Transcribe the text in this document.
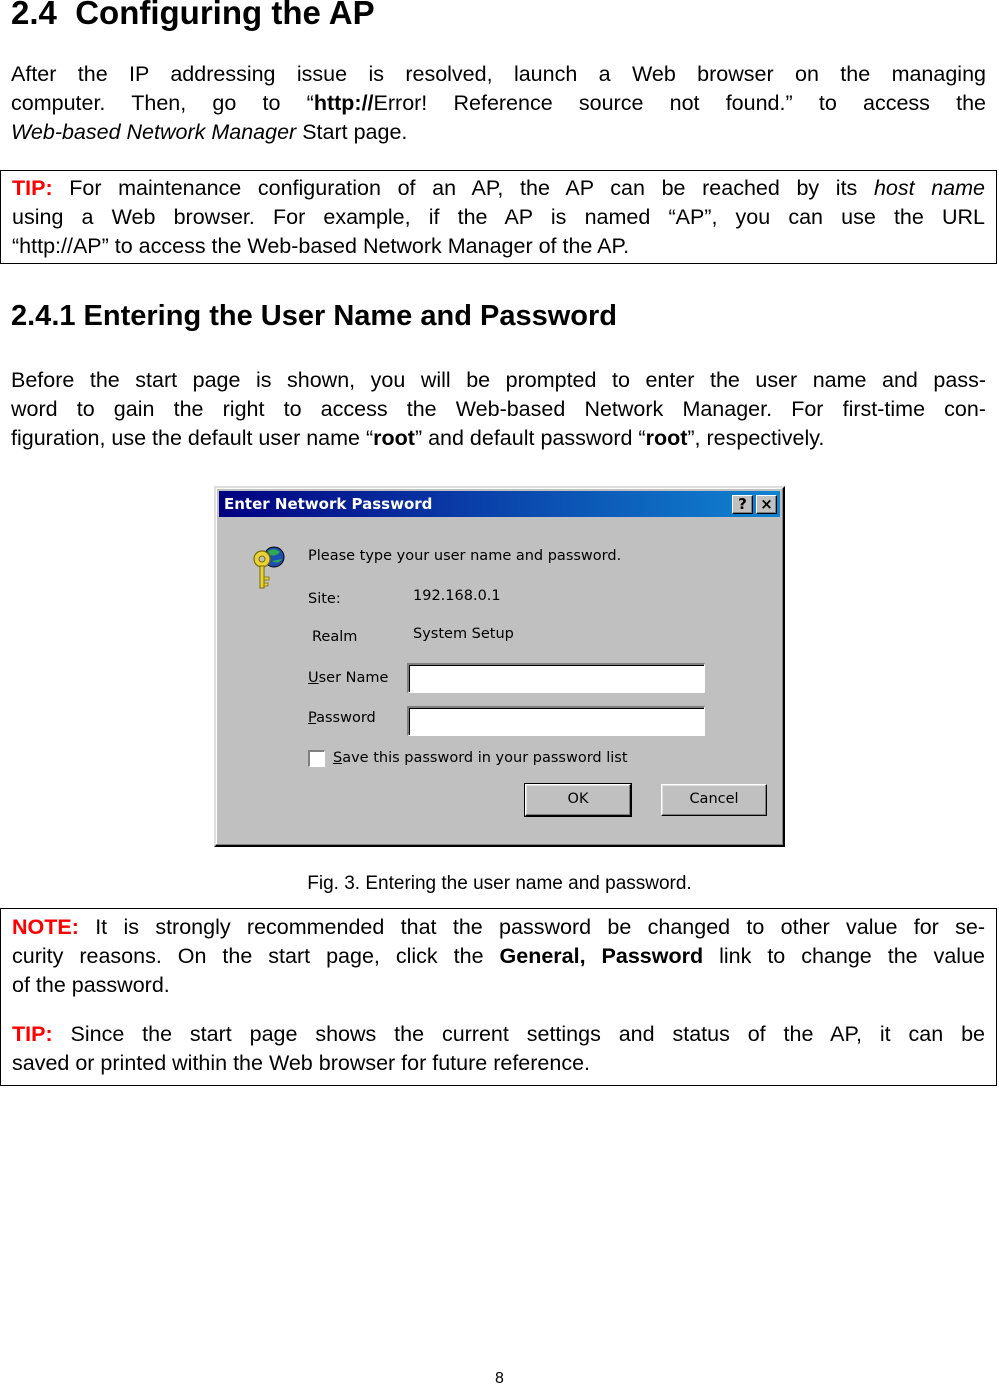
2.4 Configuring the AP
After the IP addressing issue is resolved, launch a Web browser on the managing
computer. Then, go to “http://Error! Reference source not found.” to access the
Web-based Network Manager Start page.
TIP: For maintenance configuration of an AP, the AP can be reached by its host name
using a Web browser. For example, if the AP is named “AP”, you can use the URL
“http://AP” to access the Web-based Network Manager of the AP.
2.4.1 Entering the User Name and Password
Before the start page is shown, you will be prompted to enter the user name and pass-
word to gain the right to access the Web-based Network Manager. For first-time con-
figuration, use the default user name “root” and default password “root”, respectively.
Enter Network Password	? ×
Please type your user name and password.
Site:	192.168.0.1
Realm	System Setup
User Name
Password
Save this password in your password list
OK	Cancel
Fig. 3. Entering the user name and password.
NOTE: It is strongly recommended that the password be changed to other value for se-
curity reasons. On the start page, click the General, Password link to change the value
of the password.
TIP: Since the start page shows the current settings and status of the AP, it can be
saved or printed within the Web browser for future reference.
8
